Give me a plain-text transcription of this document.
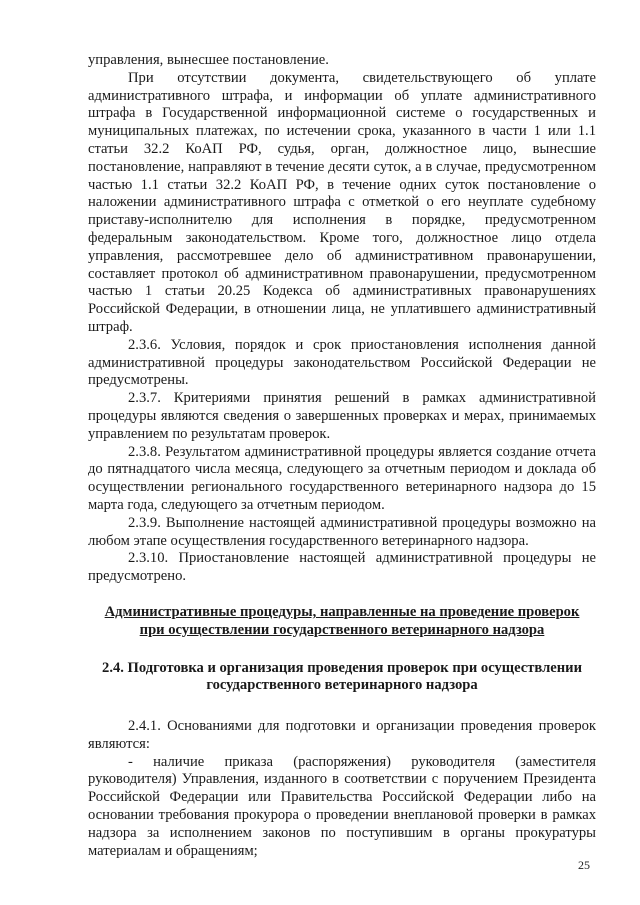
управления, вынесшее постановление.

При отсутствии документа, свидетельствующего об уплате административного штрафа, и информации об уплате административного штрафа в Государственной информационной системе о государственных и муниципальных платежах, по истечении срока, указанного в части 1 или 1.1 статьи 32.2 КоАП РФ, судья, орган, должностное лицо, вынесшие постановление, направляют в течение десяти суток, а в случае, предусмотренном частью 1.1 статьи 32.2 КоАП РФ, в течение одних суток постановление о наложении административного штрафа с отметкой о его неуплате судебному приставу-исполнителю для исполнения в порядке, предусмотренном федеральным законодательством. Кроме того, должностное лицо отдела управления, рассмотревшее дело об административном правонарушении, составляет протокол об административном правонарушении, предусмотренном частью 1 статьи 20.25 Кодекса об административных правонарушениях Российской Федерации, в отношении лица, не уплатившего административный штраф.

2.3.6. Условия, порядок и срок приостановления исполнения данной административной процедуры законодательством Российской Федерации не предусмотрены.

2.3.7. Критериями принятия решений в рамках административной процедуры являются сведения о завершенных проверках и мерах, принимаемых управлением по результатам проверок.

2.3.8. Результатом административной процедуры является создание отчета до пятнадцатого числа месяца, следующего за отчетным периодом и доклада об осуществлении регионального государственного ветеринарного надзора до 15 марта года, следующего за отчетным периодом.

2.3.9. Выполнение настоящей административной процедуры возможно на любом этапе осуществления государственного ветеринарного надзора.

2.3.10. Приостановление настоящей административной процедуры не предусмотрено.

Административные процедуры, направленные на проведение проверок

при осуществлении государственного ветеринарного надзора

2.4. Подготовка и организация проведения проверок при осуществлении

государственного ветеринарного надзора

2.4.1. Основаниями для подготовки и организации проведения проверок являются:

- наличие приказа (распоряжения) руководителя (заместителя руководителя) Управления, изданного в соответствии с поручением Президента Российской Федерации или Правительства Российской Федерации либо на основании требования прокурора о проведении внеплановой проверки в рамках надзора за исполнением законов по поступившим в органы прокуратуры материалам и обращениям;

25
